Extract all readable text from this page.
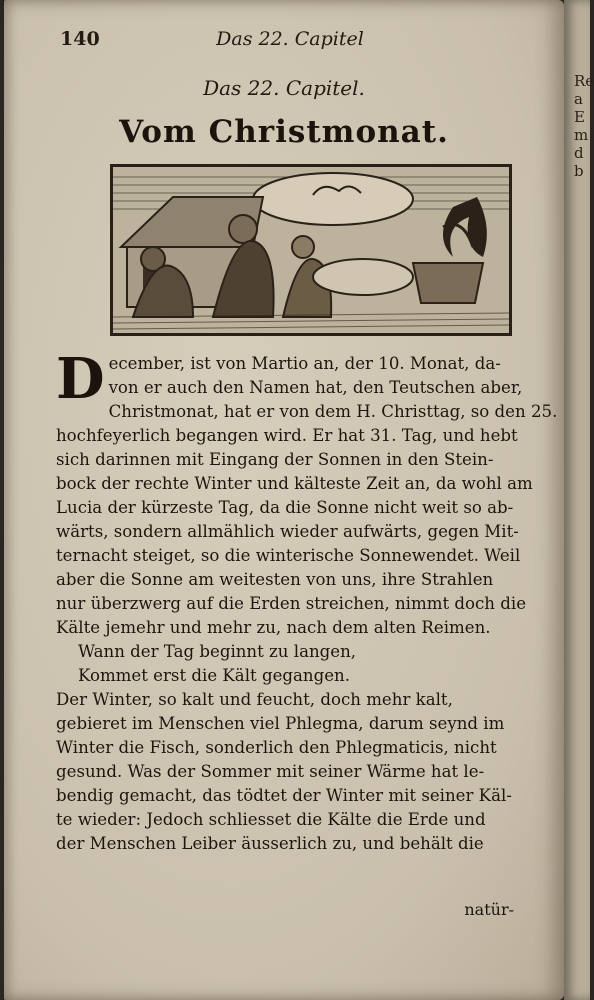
140	Das 22. Capitel
Das 22. Capitel.
Vom Christmonat.
D ecember, ist von Martio an, der 10. Monat, da-
von er auch den Namen hat, den Teutschen aber,
Christmonat, hat er von dem H. Christtag, so den 25.
hochfeyerlich begangen wird. Er hat 31. Tag, und hebt
sich darinnen mit Eingang der Sonnen in den Stein-
bock der rechte Winter und kälteste Zeit an, da wohl am
Lucia der kürzeste Tag, da die Sonne nicht weit so ab-
wärts, sondern allmählich wieder aufwärts, gegen Mit-
ternacht steiget, so die winterische Sonnewendet. Weil
aber die Sonne am weitesten von uns, ihre Strahlen
nur überzwerg auf die Erden streichen, nimmt doch die
Kälte jemehr und mehr zu, nach dem alten Reimen.
Wann der Tag beginnt zu langen,
Kommet erst die Kält gegangen.
Der Winter, so kalt und feucht, doch mehr kalt,
gebieret im Menschen viel Phlegma, darum seynd im
Winter die Fisch, sonderlich den Phlegmaticis, nicht
gesund. Was der Sommer mit seiner Wärme hat le-
bendig gemacht, das tödtet der Winter mit seiner Käl-
te wieder: Jedoch schliesset die Kälte die Erde und
der Menschen Leiber äusserlich zu, und behält die
natür-
Re
a
E
m
d
b
